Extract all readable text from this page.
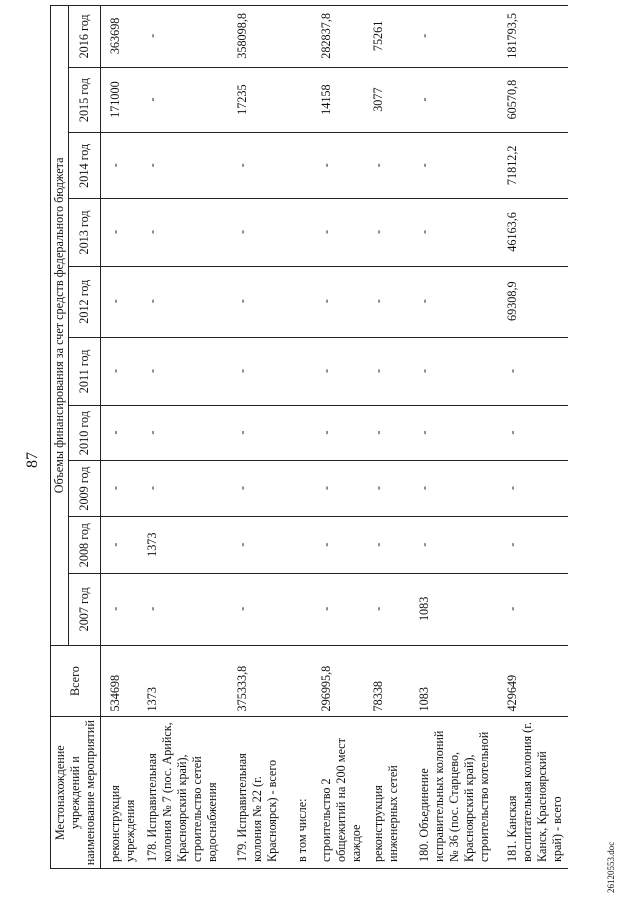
87
Местонахождение учреждений и наименование мероприятий	Всего	Объемы финансирования за счет средств федерального бюджета									
		2007 год	2008 год	2009 год	2010 год	2011 год	2012 год	2013 год	2014 год	2015 год	2016 год
реконструкция учреждения	534698	-	-	-	-	-	-	-	-	171000	363698
178. Исправительная колония № 7 (пос. Арийск, Красноярский край), строительство сетей водоснабжения	1373	-	1373	-	-	-	-	-	-	-	-
179. Исправительная колония № 22 (г. Красноярск) - всего	375333,8	-	-	-	-	-	-	-	-	17235	358098,8
в том числе:											
строительство 2 общежитий на 200 мест каждое	296995,8	-	-	-	-	-	-	-	-	14158	282837,8
реконструкция инженерных сетей	78338	-	-	-	-	-	-	-	-	3077	75261
180. Объединение исправительных колоний № 36 (пос. Старцево, Красноярский край), строительство котельной	1083	1083	-	-	-	-	-	-	-	-	-
181. Канская воспитательная колония (г. Канск, Красноярский край) - всего	429649	-	-	-	-	-	69308,9	46163,6	71812,2	60570,8	181793,5
26120553.doc
